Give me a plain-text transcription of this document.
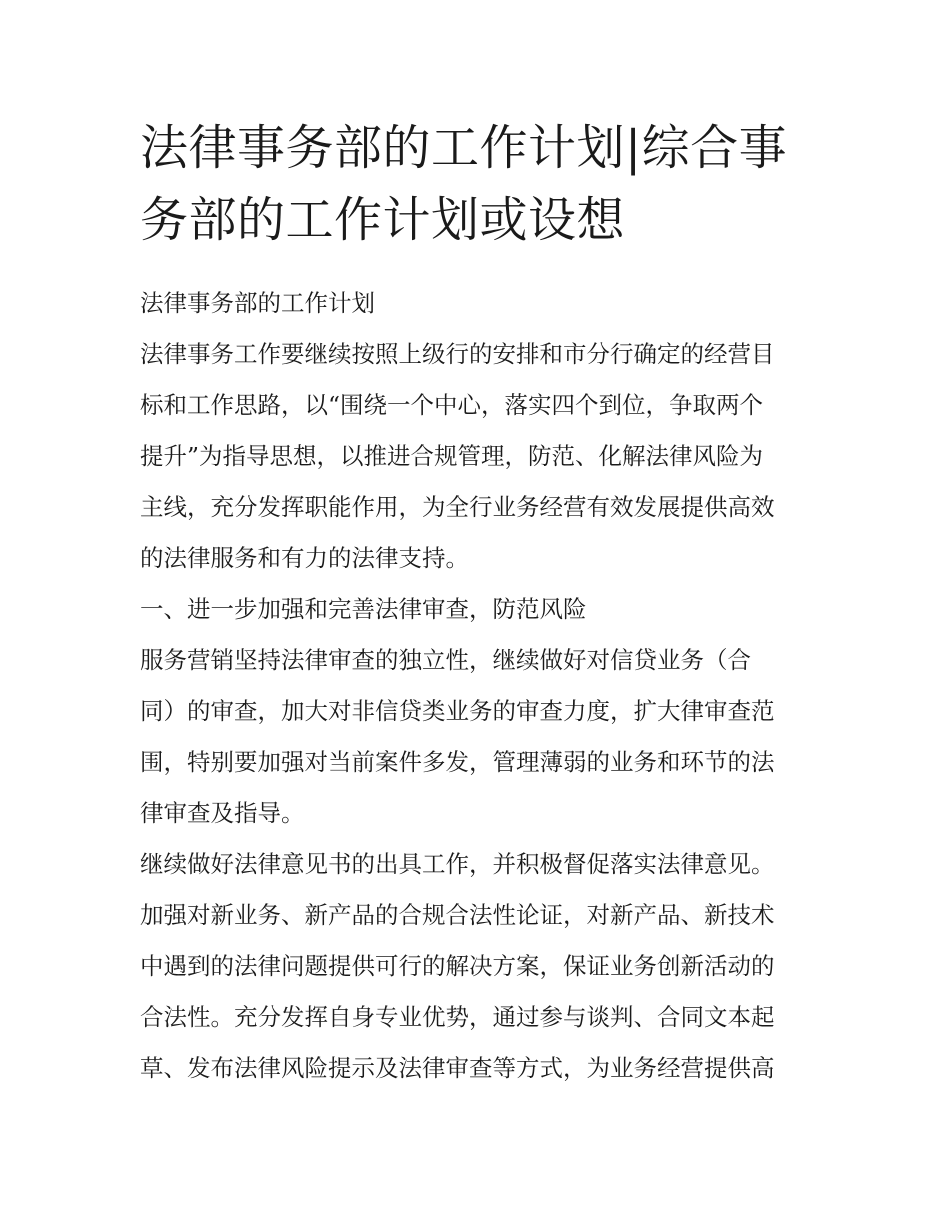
法律事务部的工作计划|综合事
务部的工作计划或设想

法律事务部的工作计划

法律事务工作要继续按照上级行的安排和市分行确定的经营目

标和工作思路，以“围绕一个中心，落实四个到位，争取两个

提升”为指导思想，以推进合规管理，防范、化解法律风险为

主线，充分发挥职能作用，为全行业务经营有效发展提供高效

的法律服务和有力的法律支持。

一、进一步加强和完善法律审查，防范风险

服务营销坚持法律审查的独立性，继续做好对信贷业务（合

同）的审查，加大对非信贷类业务的审查力度，扩大律审查范

围，特别要加强对当前案件多发，管理薄弱的业务和环节的法

律审查及指导。

继续做好法律意见书的出具工作，并积极督促落实法律意见。

加强对新业务、新产品的合规合法性论证，对新产品、新技术

中遇到的法律问题提供可行的解决方案，保证业务创新活动的

合法性。充分发挥自身专业优势，通过参与谈判、合同文本起

草、发布法律风险提示及法律审查等方式，为业务经营提供高
